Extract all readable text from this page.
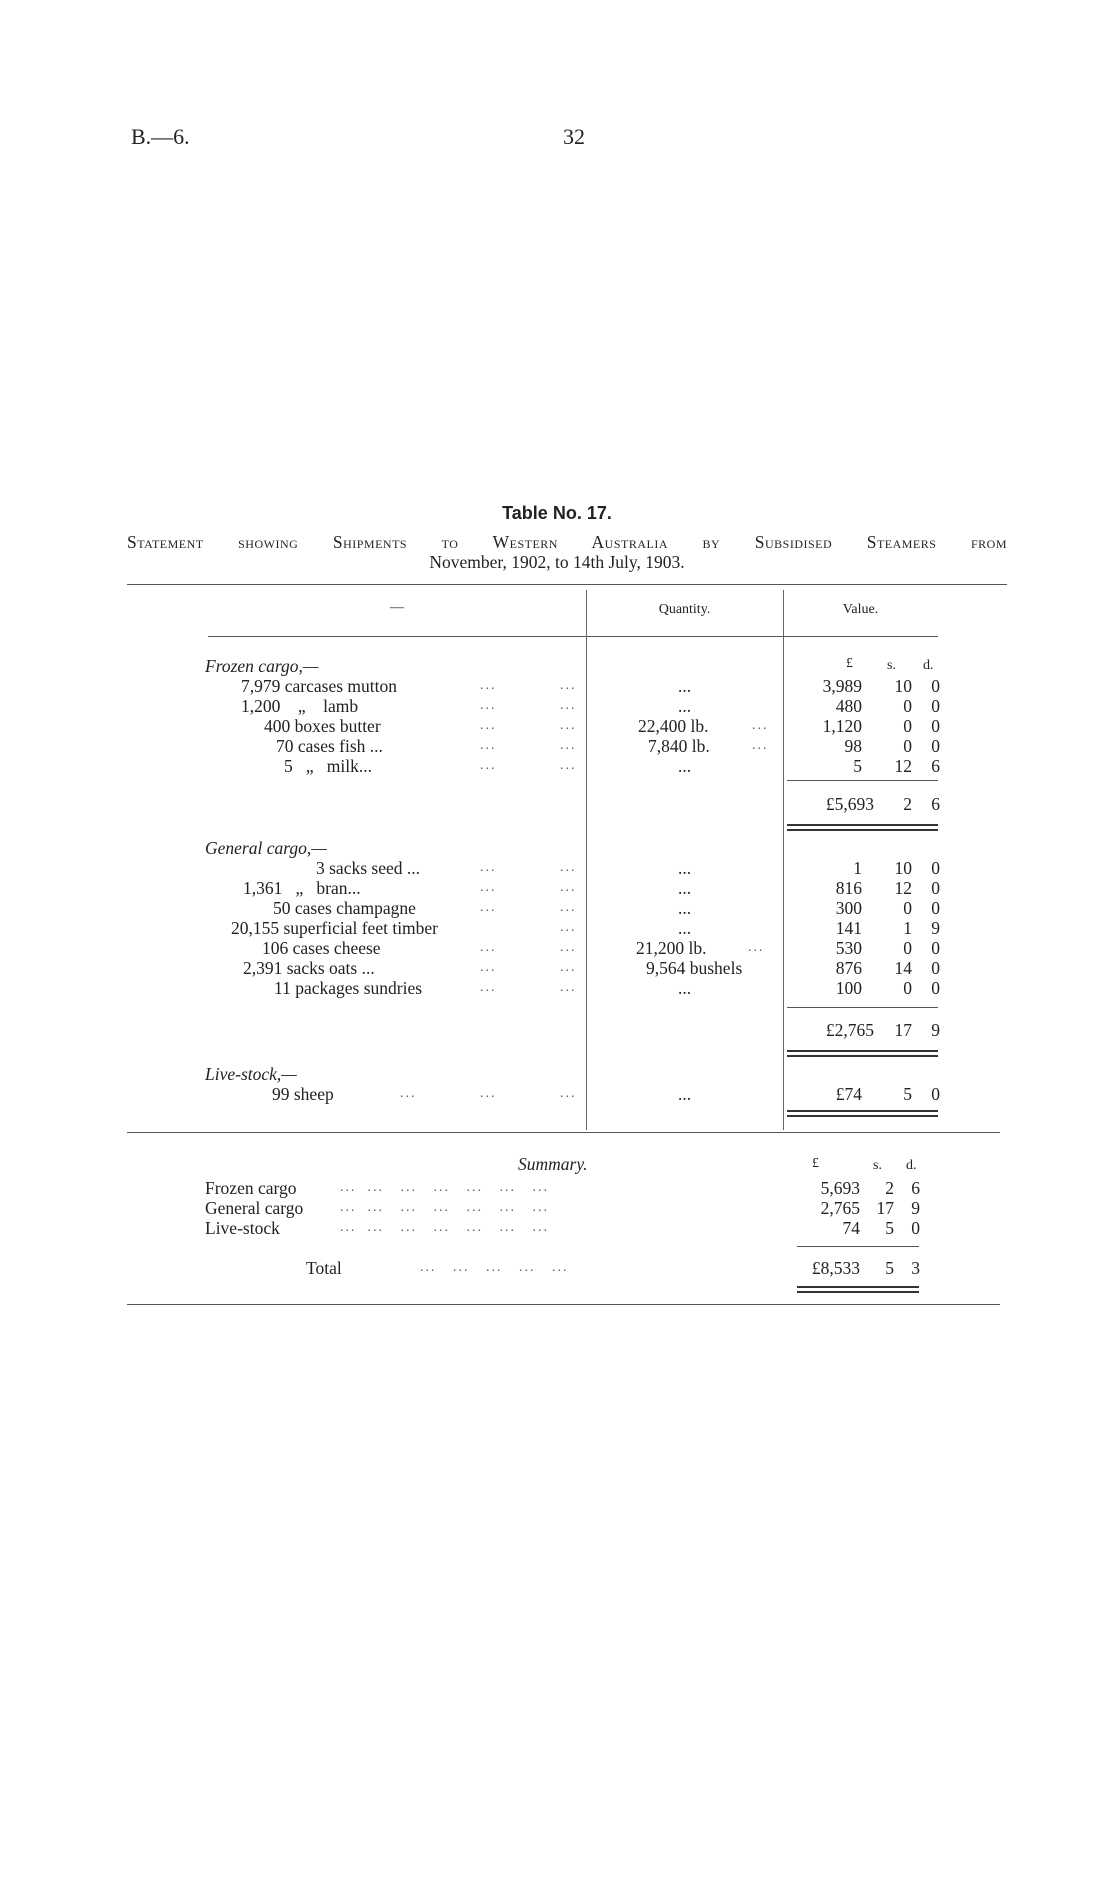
B.—6.	32
Table No. 17.
Statement showing Shipments to Western Australia by Subsidised Steamers from
November, 1902, to 14th July, 1903.
—	Quantity.	Value.
£ s. d.
Frozen cargo,—
7,979 carcases mutton	...	...	...	3,989	10	0
1,200    „    lamb	...	...	...	480	0	0
400 boxes butter	...	...	22,400 lb.	...	1,120	0	0
70 cases fish ...	...	...	7,840 lb.	...	98	0	0
5   „   milk...	...	...	...	5	12	6
£5,693	2	6
General cargo,—
3 sacks seed ...	...	...	...	1	10	0
1,361   „   bran...	...	...	...	816	12	0
50 cases champagne	...	...	...	300	0	0
20,155 superficial feet timber	...	...	141	1	9
106 cases cheese	...	...	21,200 lb.	...	530	0	0
2,391 sacks oats ...	...	...	9,564 bushels	876	14	0
11 packages sundries	...	...	...	100	0	0
£2,765	17	9
Live-stock,—
99 sheep	...	...	...	...	£74	5	0
Summary.	£	s. d.
Frozen cargo	...  ...   ...   ...   ...   ...   ...	5,693	2 6
General cargo	...  ...   ...   ...   ...   ...   ...	2,765 17 9
Live-stock	...  ...   ...   ...   ...   ...   ...	74	5 0
Total	...   ...   ...   ...   ...	£8,533	5 3
